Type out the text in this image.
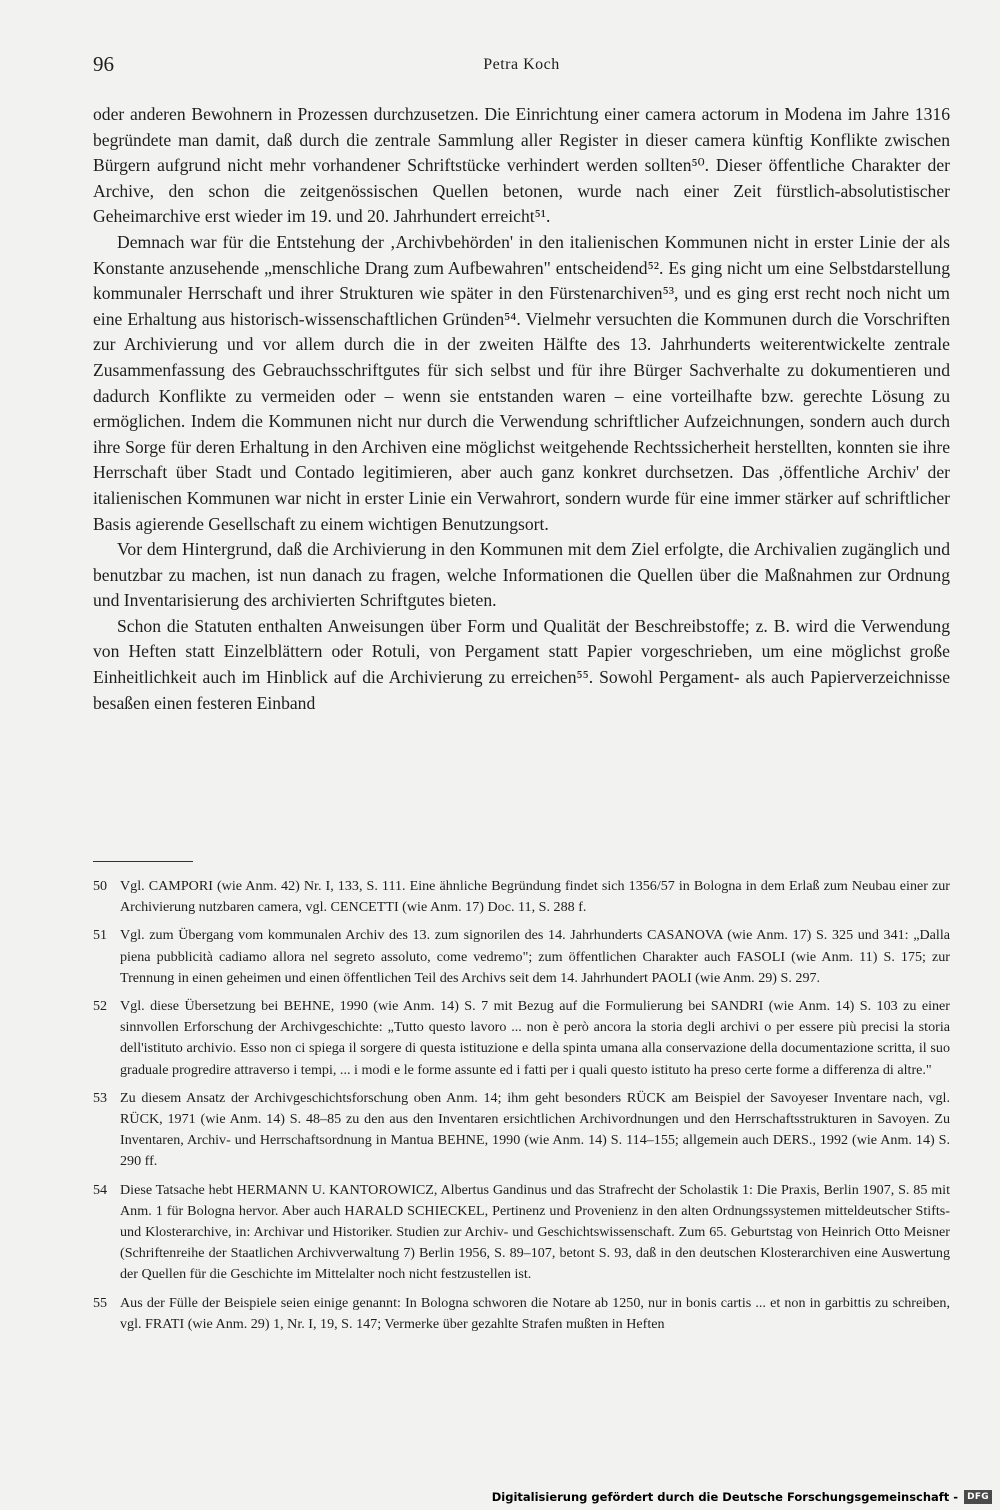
96	Petra Koch

oder anderen Bewohnern in Prozessen durchzusetzen. Die Einrichtung einer camera actorum in Modena im Jahre 1316 begründete man damit, daß durch die zentrale Sammlung aller Register in dieser camera künftig Konflikte zwischen Bürgern aufgrund nicht mehr vorhandener Schriftstücke verhindert werden sollten⁵⁰. Dieser öffentliche Charakter der Archive, den schon die zeitgenössischen Quellen betonen, wurde nach einer Zeit fürstlich-absolutistischer Geheimarchive erst wieder im 19. und 20. Jahrhundert erreicht⁵¹.

Demnach war für die Entstehung der ‚Archivbehörden' in den italienischen Kommunen nicht in erster Linie der als Konstante anzusehende „menschliche Drang zum Aufbewahren" entscheidend⁵². Es ging nicht um eine Selbstdarstellung kommunaler Herrschaft und ihrer Strukturen wie später in den Fürstenarchiven⁵³, und es ging erst recht noch nicht um eine Erhaltung aus historisch-wissenschaftlichen Gründen⁵⁴. Vielmehr versuchten die Kommunen durch die Vorschriften zur Archivierung und vor allem durch die in der zweiten Hälfte des 13. Jahrhunderts weiterentwickelte zentrale Zusammenfassung des Gebrauchsschriftgutes für sich selbst und für ihre Bürger Sachverhalte zu dokumentieren und dadurch Konflikte zu vermeiden oder – wenn sie entstanden waren – eine vorteilhafte bzw. gerechte Lösung zu ermöglichen. Indem die Kommunen nicht nur durch die Verwendung schriftlicher Aufzeichnungen, sondern auch durch ihre Sorge für deren Erhaltung in den Archiven eine möglichst weitgehende Rechtssicherheit herstellten, konnten sie ihre Herrschaft über Stadt und Contado legitimieren, aber auch ganz konkret durchsetzen. Das ‚öffentliche Archiv' der italienischen Kommunen war nicht in erster Linie ein Verwahrort, sondern wurde für eine immer stärker auf schriftlicher Basis agierende Gesellschaft zu einem wichtigen Benutzungsort.

Vor dem Hintergrund, daß die Archivierung in den Kommunen mit dem Ziel erfolgte, die Archivalien zugänglich und benutzbar zu machen, ist nun danach zu fragen, welche Informationen die Quellen über die Maßnahmen zur Ordnung und Inventarisierung des archivierten Schriftgutes bieten.

Schon die Statuten enthalten Anweisungen über Form und Qualität der Beschreibstoffe; z. B. wird die Verwendung von Heften statt Einzelblättern oder Rotuli, von Pergament statt Papier vorgeschrieben, um eine möglichst große Einheitlichkeit auch im Hinblick auf die Archivierung zu erreichen⁵⁵. Sowohl Pergament- als auch Papierverzeichnisse besaßen einen festeren Einband

50 Vgl. CAMPORI (wie Anm. 42) Nr. I, 133, S. 111. Eine ähnliche Begründung findet sich 1356/57 in Bologna in dem Erlaß zum Neubau einer zur Archivierung nutzbaren camera, vgl. CENCETTI (wie Anm. 17) Doc. 11, S. 288 f.
51 Vgl. zum Übergang vom kommunalen Archiv des 13. zum signorilen des 14. Jahrhunderts CASANOVA (wie Anm. 17) S. 325 und 341: „Dalla piena pubblicità cadiamo allora nel segreto assoluto, come vedremo"; zum öffentlichen Charakter auch FASOLI (wie Anm. 11) S. 175; zur Trennung in einen geheimen und einen öffentlichen Teil des Archivs seit dem 14. Jahrhundert PAOLI (wie Anm. 29) S. 297.
52 Vgl. diese Übersetzung bei BEHNE, 1990 (wie Anm. 14) S. 7 mit Bezug auf die Formulierung bei SANDRI (wie Anm. 14) S. 103 zu einer sinnvollen Erforschung der Archivgeschichte: „Tutto questo lavoro ... non è però ancora la storia degli archivi o per essere più precisi la storia dell'istituto archivio. Esso non ci spiega il sorgere di questa istituzione e della spinta umana alla conservazione della documentazione scritta, il suo graduale progredire attraverso i tempi, ... i modi e le forme assunte ed i fatti per i quali questo istituto ha preso certe forme a differenza di altre."
53 Zu diesem Ansatz der Archivgeschichtsforschung oben Anm. 14; ihm geht besonders RÜCK am Beispiel der Savoyeser Inventare nach, vgl. RÜCK, 1971 (wie Anm. 14) S. 48–85 zu den aus den Inventaren ersichtlichen Archivordnungen und den Herrschaftsstrukturen in Savoyen. Zu Inventaren, Archiv- und Herrschaftsordnung in Mantua BEHNE, 1990 (wie Anm. 14) S. 114–155; allgemein auch DERS., 1992 (wie Anm. 14) S. 290 ff.
54 Diese Tatsache hebt HERMANN U. KANTOROWICZ, Albertus Gandinus und das Strafrecht der Scholastik 1: Die Praxis, Berlin 1907, S. 85 mit Anm. 1 für Bologna hervor. Aber auch HARALD SCHIECKEL, Pertinenz und Provenienz in den alten Ordnungssystemen mitteldeutscher Stifts- und Klosterarchive, in: Archivar und Historiker. Studien zur Archiv- und Geschichtswissenschaft. Zum 65. Geburtstag von Heinrich Otto Meisner (Schriftenreihe der Staatlichen Archivverwaltung 7) Berlin 1956, S. 89–107, betont S. 93, daß in den deutschen Klosterarchiven eine Auswertung der Quellen für die Geschichte im Mittelalter noch nicht festzustellen ist.
55 Aus der Fülle der Beispiele seien einige genannt: In Bologna schworen die Notare ab 1250, nur in bonis cartis ... et non in garbittis zu schreiben, vgl. FRATI (wie Anm. 29) 1, Nr. I, 19, S. 147; Vermerke über gezahlte Strafen mußten in Heften
Digitalisierung gefördert durch die Deutsche Forschungsgemeinschaft -	DFG
